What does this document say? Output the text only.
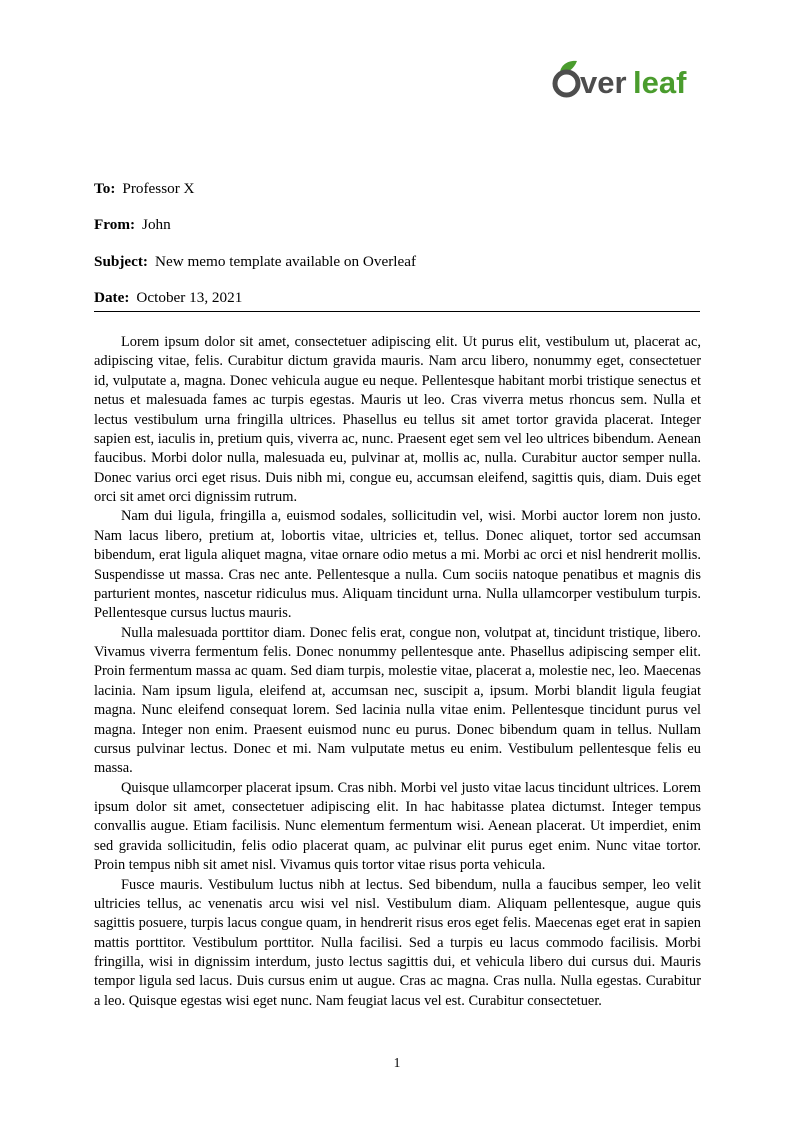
ver leaf
To: Professor X
From: John
Subject: New memo template available on Overleaf
Date: October 13, 2021

Lorem ipsum dolor sit amet, consectetuer adipiscing elit. Ut purus elit, vestibulum ut, placerat ac, adipiscing vitae, felis. Curabitur dictum gravida mauris. Nam arcu libero, nonummy eget, consectetuer id, vulputate a, magna. Donec vehicula augue eu neque. Pellentesque habitant morbi tristique senectus et netus et malesuada fames ac turpis egestas. Mauris ut leo. Cras viverra metus rhoncus sem. Nulla et lectus vestibulum urna fringilla ultrices. Phasellus eu tellus sit amet tortor gravida placerat. Integer sapien est, iaculis in, pretium quis, viverra ac, nunc. Praesent eget sem vel leo ultrices bibendum. Aenean faucibus. Morbi dolor nulla, malesuada eu, pulvinar at, mollis ac, nulla. Curabitur auctor semper nulla. Donec varius orci eget risus. Duis nibh mi, congue eu, accumsan eleifend, sagittis quis, diam. Duis eget orci sit amet orci dignissim rutrum.

Nam dui ligula, fringilla a, euismod sodales, sollicitudin vel, wisi. Morbi auctor lorem non justo. Nam lacus libero, pretium at, lobortis vitae, ultricies et, tellus. Donec aliquet, tortor sed accumsan bibendum, erat ligula aliquet magna, vitae ornare odio metus a mi. Morbi ac orci et nisl hendrerit mollis. Suspendisse ut massa. Cras nec ante. Pellentesque a nulla. Cum sociis natoque penatibus et magnis dis parturient montes, nascetur ridiculus mus. Aliquam tincidunt urna. Nulla ullamcorper vestibulum turpis. Pellentesque cursus luctus mauris.

Nulla malesuada porttitor diam. Donec felis erat, congue non, volutpat at, tincidunt tristique, libero. Vivamus viverra fermentum felis. Donec nonummy pellentesque ante. Phasellus adipiscing semper elit. Proin fermentum massa ac quam. Sed diam turpis, molestie vitae, placerat a, molestie nec, leo. Maecenas lacinia. Nam ipsum ligula, eleifend at, accumsan nec, suscipit a, ipsum. Morbi blandit ligula feugiat magna. Nunc eleifend consequat lorem. Sed lacinia nulla vitae enim. Pellentesque tincidunt purus vel magna. Integer non enim. Praesent euismod nunc eu purus. Donec bibendum quam in tellus. Nullam cursus pulvinar lectus. Donec et mi. Nam vulputate metus eu enim. Vestibulum pellentesque felis eu massa.

Quisque ullamcorper placerat ipsum. Cras nibh. Morbi vel justo vitae lacus tincidunt ultrices. Lorem ipsum dolor sit amet, consectetuer adipiscing elit. In hac habitasse platea dictumst. Integer tempus convallis augue. Etiam facilisis. Nunc elementum fermentum wisi. Aenean placerat. Ut imperdiet, enim sed gravida sollicitudin, felis odio placerat quam, ac pulvinar elit purus eget enim. Nunc vitae tortor. Proin tempus nibh sit amet nisl. Vivamus quis tortor vitae risus porta vehicula.

Fusce mauris. Vestibulum luctus nibh at lectus. Sed bibendum, nulla a faucibus semper, leo velit ultricies tellus, ac venenatis arcu wisi vel nisl. Vestibulum diam. Aliquam pellentesque, augue quis sagittis posuere, turpis lacus congue quam, in hendrerit risus eros eget felis. Maecenas eget erat in sapien mattis porttitor. Vestibulum porttitor. Nulla facilisi. Sed a turpis eu lacus commodo facilisis. Morbi fringilla, wisi in dignissim interdum, justo lectus sagittis dui, et vehicula libero dui cursus dui. Mauris tempor ligula sed lacus. Duis cursus enim ut augue. Cras ac magna. Cras nulla. Nulla egestas. Curabitur a leo. Quisque egestas wisi eget nunc. Nam feugiat lacus vel est. Curabitur consectetuer.

1
